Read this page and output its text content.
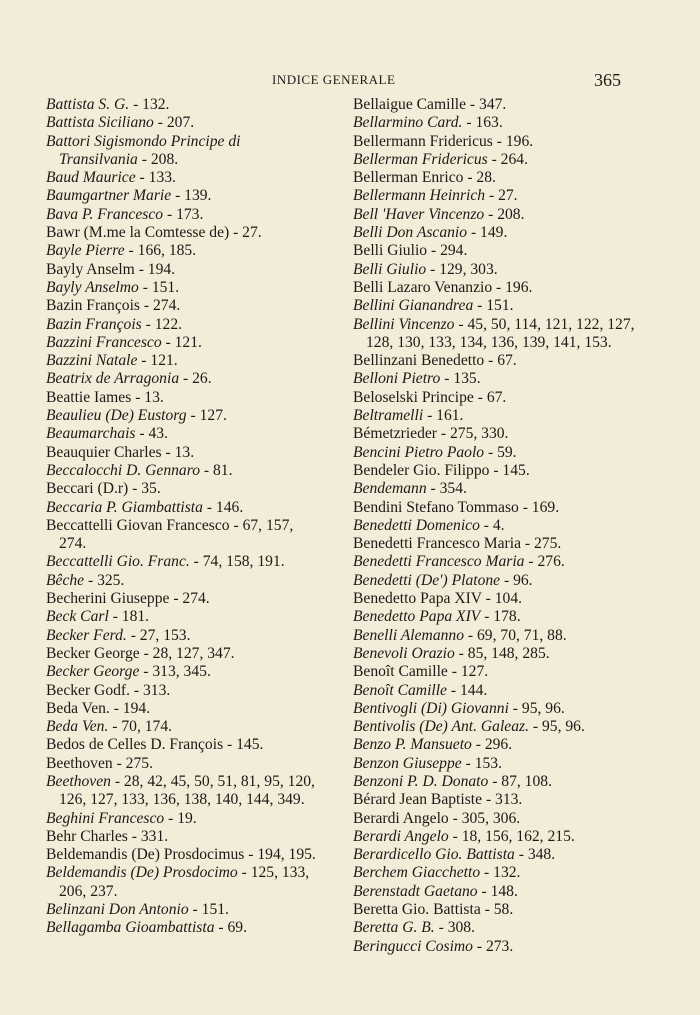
INDICE GENERALE	365
Battista S. G. - 132.
Battista Siciliano - 207.
Battori Sigismondo Principe di Transilvania - 208.
Baud Maurice - 133.
Baumgartner Marie - 139.
Bava P. Francesco - 173.
Bawr (M.me la Comtesse de) - 27.
Bayle Pierre - 166, 185.
Bayly Anselm - 194.
Bayly Anselmo - 151.
Bazin François - 274.
Bazin François - 122.
Bazzini Francesco - 121.
Bazzini Natale - 121.
Beatrix de Arragonia - 26.
Beattie Iames - 13.
Beaulieu (De) Eustorg - 127.
Beaumarchais - 43.
Beauquier Charles - 13.
Beccalocchi D. Gennaro - 81.
Beccari (D.r) - 35.
Beccaria P. Giambattista - 146.
Beccattelli Giovan Francesco - 67, 157, 274.
Beccattelli Gio. Franc. - 74, 158, 191.
Bêche - 325.
Becherini Giuseppe - 274.
Beck Carl - 181.
Becker Ferd. - 27, 153.
Becker George - 28, 127, 347.
Becker George - 313, 345.
Becker Godf. - 313.
Beda Ven. - 194.
Beda Ven. - 70, 174.
Bedos de Celles D. François - 145.
Beethoven - 275.
Beethoven - 28, 42, 45, 50, 51, 81, 95, 120, 126, 127, 133, 136, 138, 140, 144, 349.
Beghini Francesco - 19.
Behr Charles - 331.
Beldemandis (De) Prosdocimus - 194, 195.
Beldemandis (De) Prosdocimo - 125, 133, 206, 237.
Belinzani Don Antonio - 151.
Bellagamba Gioambattista - 69.
Bellaigue Camille - 347.
Bellarmino Card. - 163.
Bellermann Fridericus - 196.
Bellerman Fridericus - 264.
Bellerman Enrico - 28.
Bellermann Heinrich - 27.
Bell 'Haver Vincenzo - 208.
Belli Don Ascanio - 149.
Belli Giulio - 294.
Belli Giulio - 129, 303.
Belli Lazaro Venanzio - 196.
Bellini Gianandrea - 151.
Bellini Vincenzo - 45, 50, 114, 121, 122, 127, 128, 130, 133, 134, 136, 139, 141, 153.
Bellinzani Benedetto - 67.
Belloni Pietro - 135.
Beloselski Principe - 67.
Beltramelli - 161.
Bémetzrieder - 275, 330.
Bencini Pietro Paolo - 59.
Bendeler Gio. Filippo - 145.
Bendemann - 354.
Bendini Stefano Tommaso - 169.
Benedetti Domenico - 4.
Benedetti Francesco Maria - 275.
Benedetti Francesco Maria - 276.
Benedetti (De') Platone - 96.
Benedetto Papa XIV - 104.
Benedetto Papa XIV - 178.
Benelli Alemanno - 69, 70, 71, 88.
Benevoli Orazio - 85, 148, 285.
Benoît Camille - 127.
Benoît Camille - 144.
Bentivogli (Di) Giovanni - 95, 96.
Bentivolis (De) Ant. Galeaz. - 95, 96.
Benzo P. Mansueto - 296.
Benzon Giuseppe - 153.
Benzoni P. D. Donato - 87, 108.
Bérard Jean Baptiste - 313.
Berardi Angelo - 305, 306.
Berardi Angelo - 18, 156, 162, 215.
Berardicello Gio. Battista - 348.
Berchem Giacchetto - 132.
Berenstadt Gaetano - 148.
Beretta Gio. Battista - 58.
Beretta G. B. - 308.
Beringucci Cosimo - 273.
